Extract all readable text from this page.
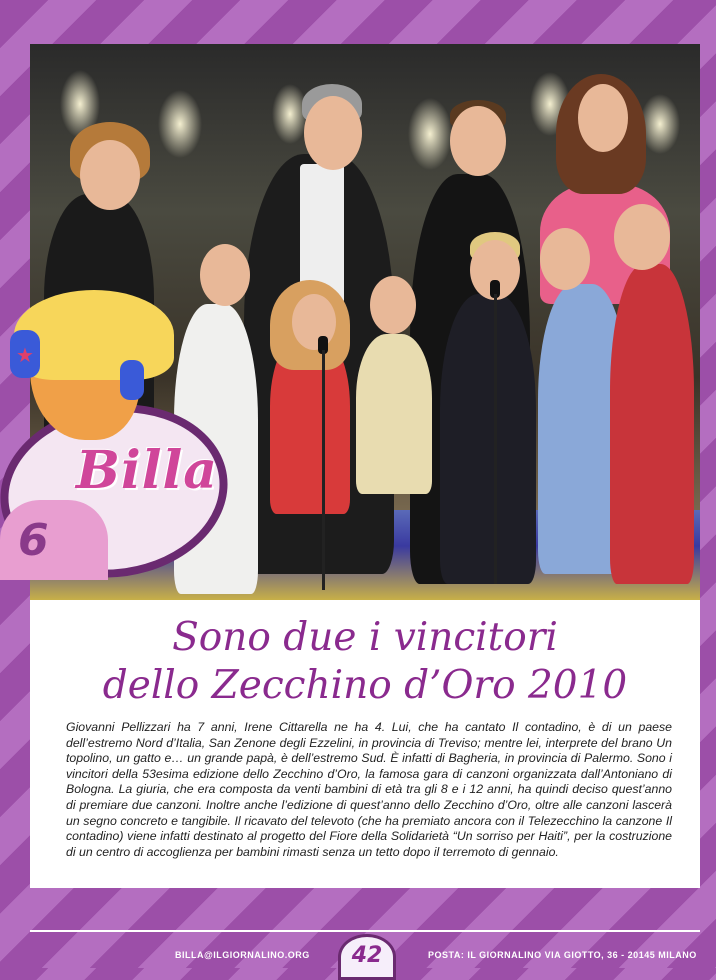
★
Billa
6
Sono due i vincitori
dello Zecchino d’Oro 2010

Giovanni Pellizzari ha 7 anni, Irene Cittarella ne ha 4. Lui, che ha cantato Il contadino, è di un paese dell’estremo Nord d’Italia, San Zenone degli Ezzelini, in provincia di Treviso; mentre lei, interprete del brano Un topolino, un gatto e… un grande papà, è dell’estremo Sud. È infatti di Bagheria, in provincia di Palermo. Sono i vincitori della 53esima edizione dello Zecchino d’Oro, la famosa gara di canzoni organizzata dall’Antoniano di Bologna. La giuria, che era composta da venti bambini di età tra gli 8 e i 12 anni, ha quindi deciso quest’anno di premiare due canzoni. Inoltre anche l’edizione di quest’anno dello Zecchino d’Oro, oltre alle canzoni lascerà un segno concreto e tangibile. Il ricavato del televoto (che ha premiato ancora con il Telezecchino la canzone Il contadino) viene infatti destinato al progetto del Fiore della Solidarietà “Un sorriso per Haiti”, per la costruzione di un centro di accoglienza per bambini rimasti senza un tetto dopo il terremoto di gennaio.

BILLA@ILGIORNALINO.ORG	42	POSTA: IL GIORNALINO VIA GIOTTO, 36 - 20145 MILANO
